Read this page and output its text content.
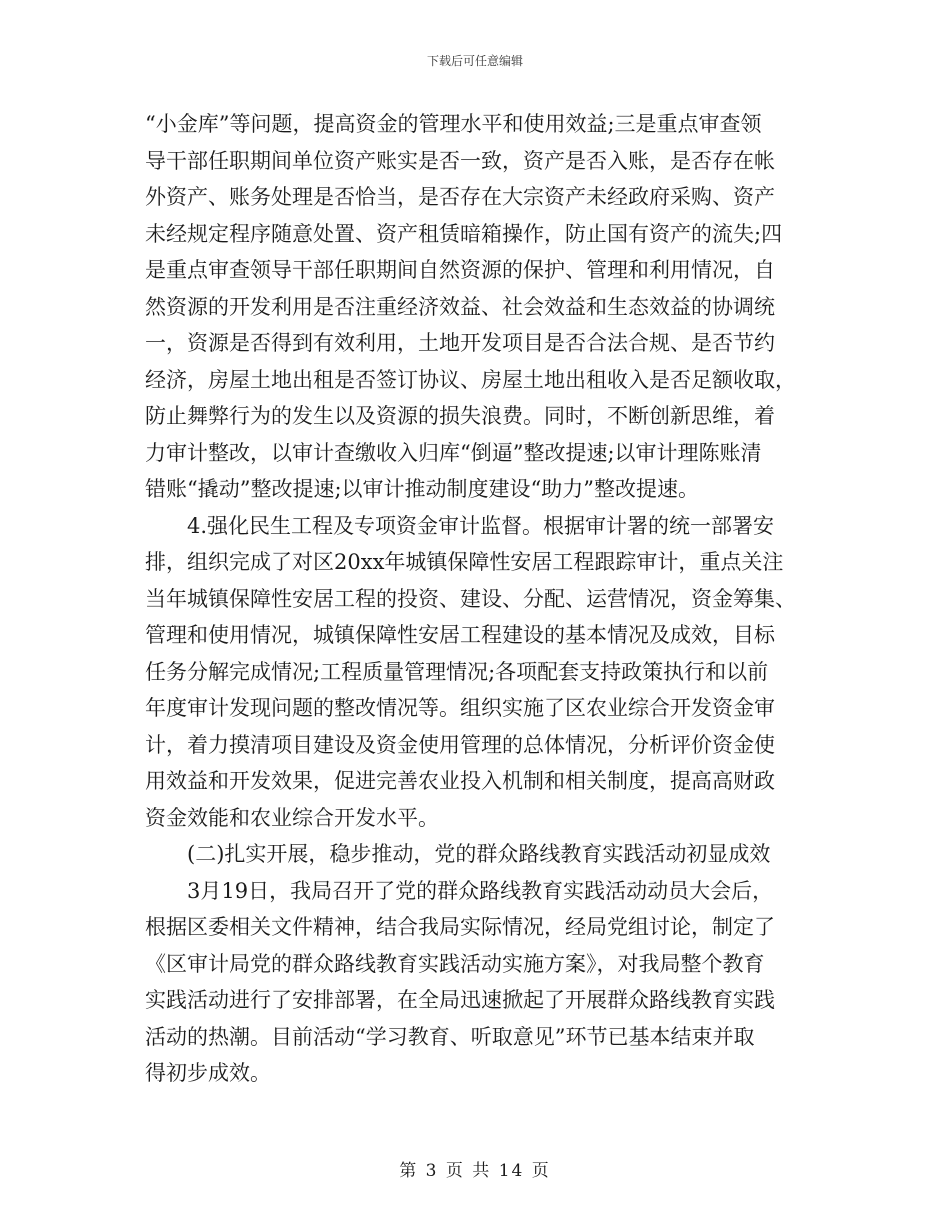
下载后可任意编辑
“小金库”等问题，提高资金的管理水平和使用效益;三是重点审查领
导干部任职期间单位资产账实是否一致，资产是否入账，是否存在帐
外资产、账务处理是否恰当，是否存在大宗资产未经政府采购、资产
未经规定程序随意处置、资产租赁暗箱操作，防止国有资产的流失;四
是重点审查领导干部任职期间自然资源的保护、管理和利用情况，自
然资源的开发利用是否注重经济效益、社会效益和生态效益的协调统
一，资源是否得到有效利用，土地开发项目是否合法合规、是否节约
经济，房屋土地出租是否签订协议、房屋土地出租收入是否足额收取，
防止舞弊行为的发生以及资源的损失浪费。同时，不断创新思维，着
力审计整改，以审计查缴收入归库“倒逼”整改提速;以审计理陈账清
错账“撬动”整改提速;以审计推动制度建设“助力”整改提速。
　　4.强化民生工程及专项资金审计监督。根据审计署的统一部署安
排，组织完成了对区20xx年城镇保障性安居工程跟踪审计，重点关注
当年城镇保障性安居工程的投资、建设、分配、运营情况，资金筹集、
管理和使用情况，城镇保障性安居工程建设的基本情况及成效，目标
任务分解完成情况;工程质量管理情况;各项配套支持政策执行和以前
年度审计发现问题的整改情况等。组织实施了区农业综合开发资金审
计，着力摸清项目建设及资金使用管理的总体情况，分析评价资金使
用效益和开发效果，促进完善农业投入机制和相关制度，提高高财政
资金效能和农业综合开发水平。
　　(二)扎实开展，稳步推动，党的群众路线教育实践活动初显成效
　　3月19日，我局召开了党的群众路线教育实践活动动员大会后，
根据区委相关文件精神，结合我局实际情况，经局党组讨论，制定了
《区审计局党的群众路线教育实践活动实施方案》，对我局整个教育
实践活动进行了安排部署，在全局迅速掀起了开展群众路线教育实践
活动的热潮。目前活动“学习教育、听取意见”环节已基本结束并取
得初步成效。
第 3 页 共 14 页
